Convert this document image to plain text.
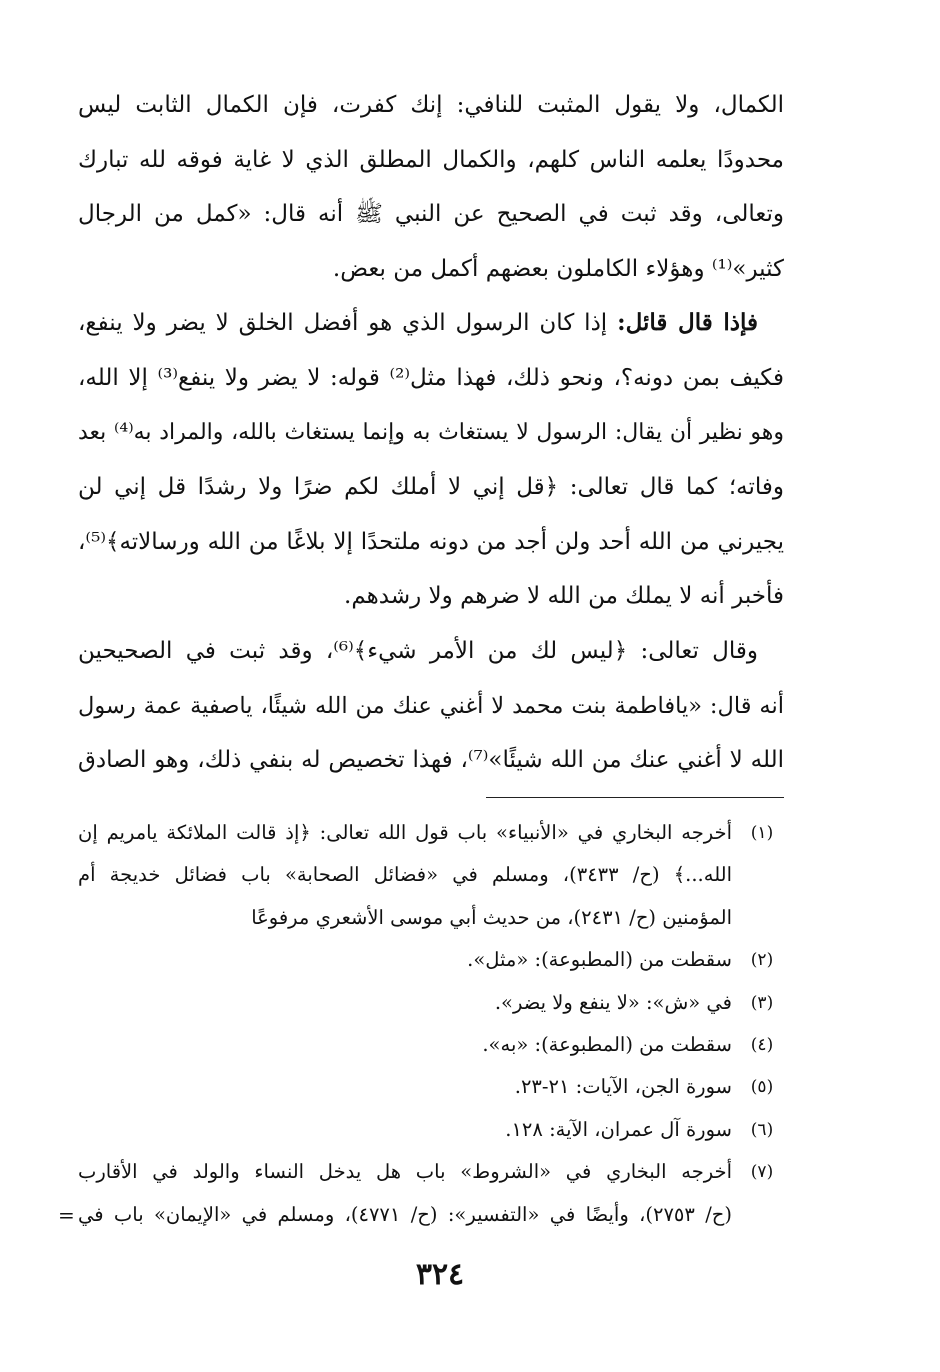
الكمال، ولا يقول المثبت للنافي: إنك كفرت، فإن الكمال الثابت ليس
محدودًا يعلمه الناس كلهم، والكمال المطلق الذي لا غاية فوقه لله تبارك
وتعالى، وقد ثبت في الصحيح عن النبي ﷺ أنه قال: «كمل من الرجال
كثير»⁽¹⁾ وهؤلاء الكاملون بعضهم أكمل من بعض.
فإذا قال قائل: إذا كان الرسول الذي هو أفضل الخلق لا يضر ولا ينفع،
فكيف بمن دونه؟، ونحو ذلك، فهذا مثل⁽²⁾ قوله: لا يضر ولا ينفع⁽³⁾ إلا الله،
وهو نظير أن يقال: الرسول لا يستغاث به وإنما يستغاث بالله، والمراد به⁽⁴⁾ بعد
وفاته؛ كما قال تعالى: ﴿قل إني لا أملك لكم ضرًا ولا رشدًا قل إني لن
يجيرني من الله أحد ولن أجد من دونه ملتحدًا إلا بلاغًا من الله ورسالاته﴾⁽⁵⁾،
فأخبر أنه لا يملك من الله لا ضرهم ولا رشدهم.
وقال تعالى: ﴿ليس لك من الأمر شيء﴾⁽⁶⁾، وقد ثبت في الصحيحين
أنه قال: «يافاطمة بنت محمد لا أغني عنك من الله شيئًا، ياصفية عمة رسول
الله لا أغني عنك من الله شيئًا»⁽⁷⁾، فهذا تخصيص له بنفي ذلك، وهو الصادق
(١)
أخرجه البخاري في «الأنبياء» باب قول الله تعالى: ﴿إذ قالت الملائكة يامريم إن
الله...﴾ (ح/ ٣٤٣٣)، ومسلم في «فضائل الصحابة» باب فضائل خديجة أم
المؤمنين (ح/ ٢٤٣١)، من حديث أبي موسى الأشعري مرفوعًا
(٢)
سقطت من (المطبوعة): «مثل».
(٣)
في «ش»: «لا ينفع ولا يضر».
(٤)
سقطت من (المطبوعة): «به».
(٥)
سورة الجن، الآيات: ٢١-٢٣.
(٦)
سورة آل عمران، الآية: ١٢٨.
(٧)
أخرجه البخاري في «الشروط» باب هل يدخل النساء والولد في الأقارب
(ح/ ٢٧٥٣)، وأيضًا في «التفسير»: (ح/ ٤٧٧١)، ومسلم في «الإيمان» باب في
=
٣٢٤
